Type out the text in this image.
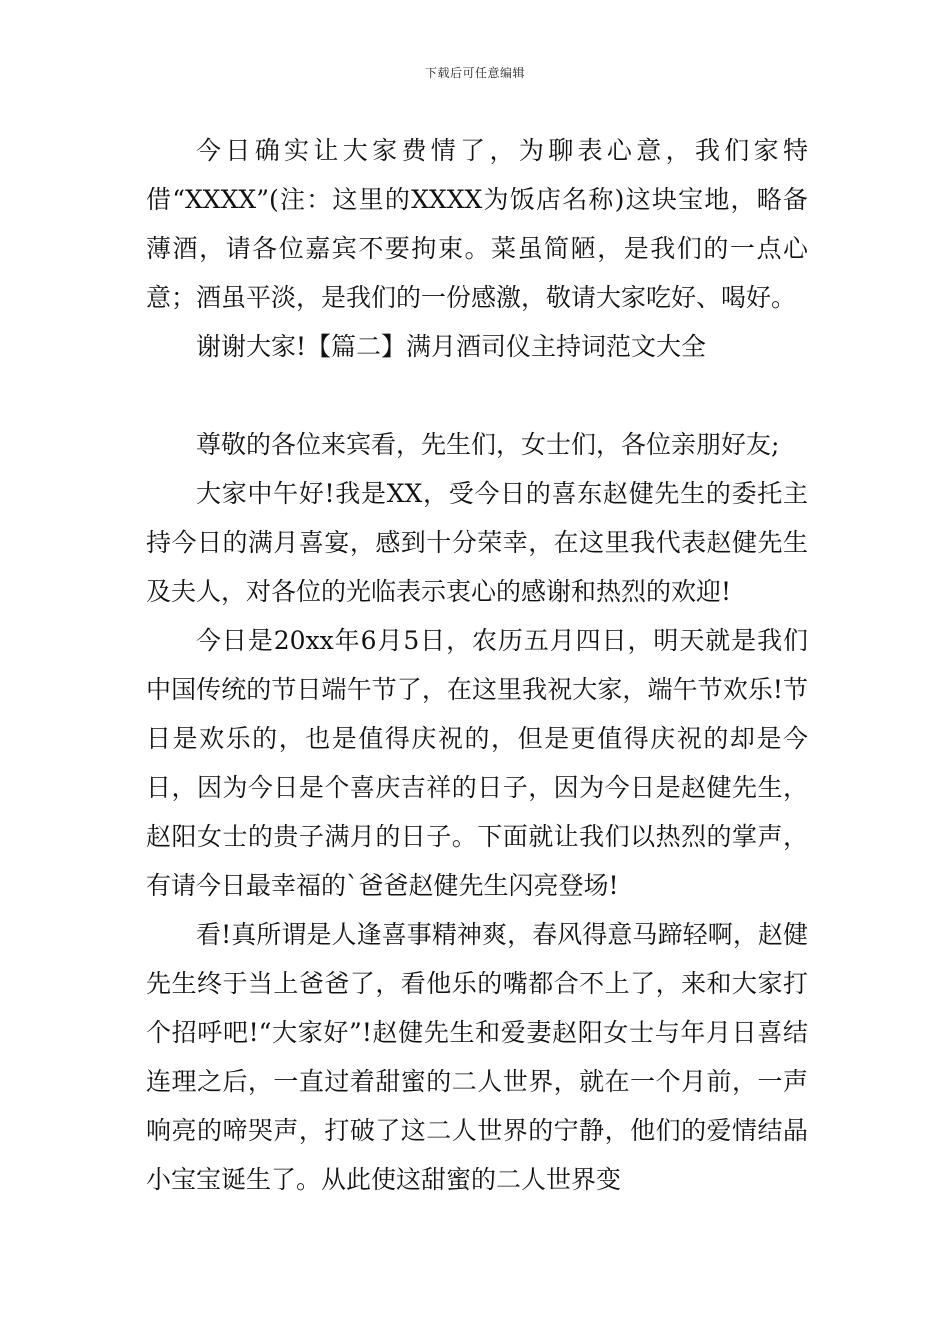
下载后可任意编辑

今日确实让大家费情了，为聊表心意，我们家特借“XXXX”(注：这里的XXXX为饭店名称)这块宝地，略备薄酒，请各位嘉宾不要拘束。菜虽简陋，是我们的一点心意；酒虽平淡，是我们的一份感激，敬请大家吃好、喝好。

谢谢大家!【篇二】满月酒司仪主持词范文大全

尊敬的各位来宾看，先生们，女士们，各位亲朋好友;

大家中午好!我是XX，受今日的喜东赵健先生的委托主持今日的满月喜宴，感到十分荣幸，在这里我代表赵健先生及夫人，对各位的光临表示衷心的感谢和热烈的欢迎!

今日是20xx年6月5日，农历五月四日，明天就是我们中国传统的节日端午节了，在这里我祝大家，端午节欢乐!节日是欢乐的，也是值得庆祝的，但是更值得庆祝的却是今日，因为今日是个喜庆吉祥的日子，因为今日是赵健先生，赵阳女士的贵子满月的日子。下面就让我们以热烈的掌声，有请今日最幸福的`爸爸赵健先生闪亮登场!

看!真所谓是人逢喜事精神爽，春风得意马蹄轻啊，赵健先生终于当上爸爸了，看他乐的嘴都合不上了，来和大家打个招呼吧!“大家好”!赵健先生和爱妻赵阳女士与年月日喜结连理之后，一直过着甜蜜的二人世界，就在一个月前，一声响亮的啼哭声，打破了这二人世界的宁静，他们的爱情结晶小宝宝诞生了。从此使这甜蜜的二人世界变
